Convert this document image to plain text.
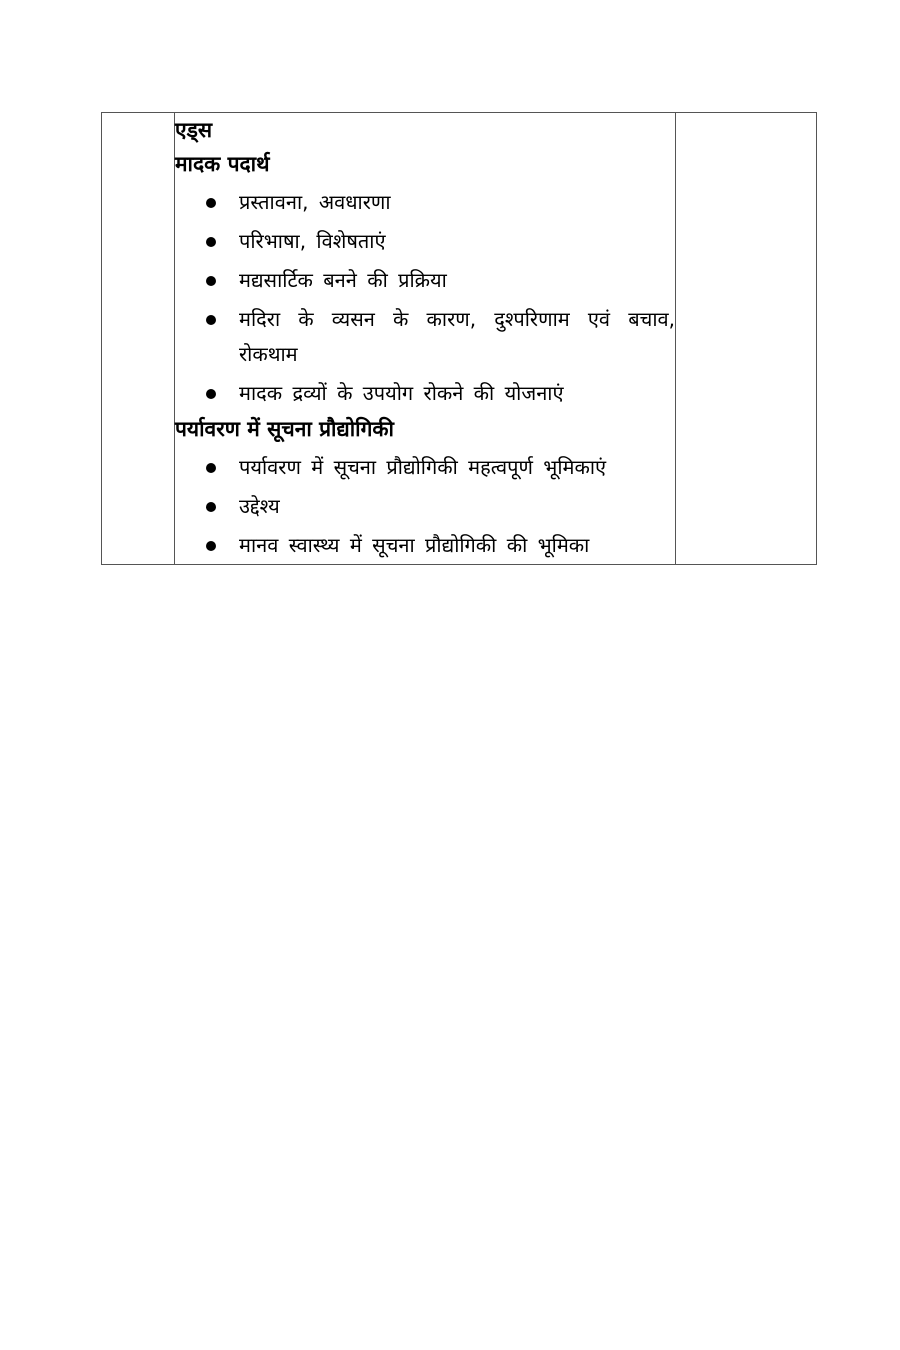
एड्स
मादक पदार्थ
प्रस्तावना, अवधारणा
परिभाषा, विशेषताएं
मद्यसार्टिक बनने की प्रक्रिया
मदिरा के व्यसन के कारण, दुश्परिणाम एवं बचाव, रोकथाम
मादक द्रव्यों के उपयोग रोकने की योजनाएं
पर्यावरण में सूचना प्रौद्योगिकी
पर्यावरण में सूचना प्रौद्योगिकी महत्वपूर्ण भूमिकाएं
उद्देश्य
मानव स्वास्थ्य में सूचना प्रौद्योगिकी की भूमिका
